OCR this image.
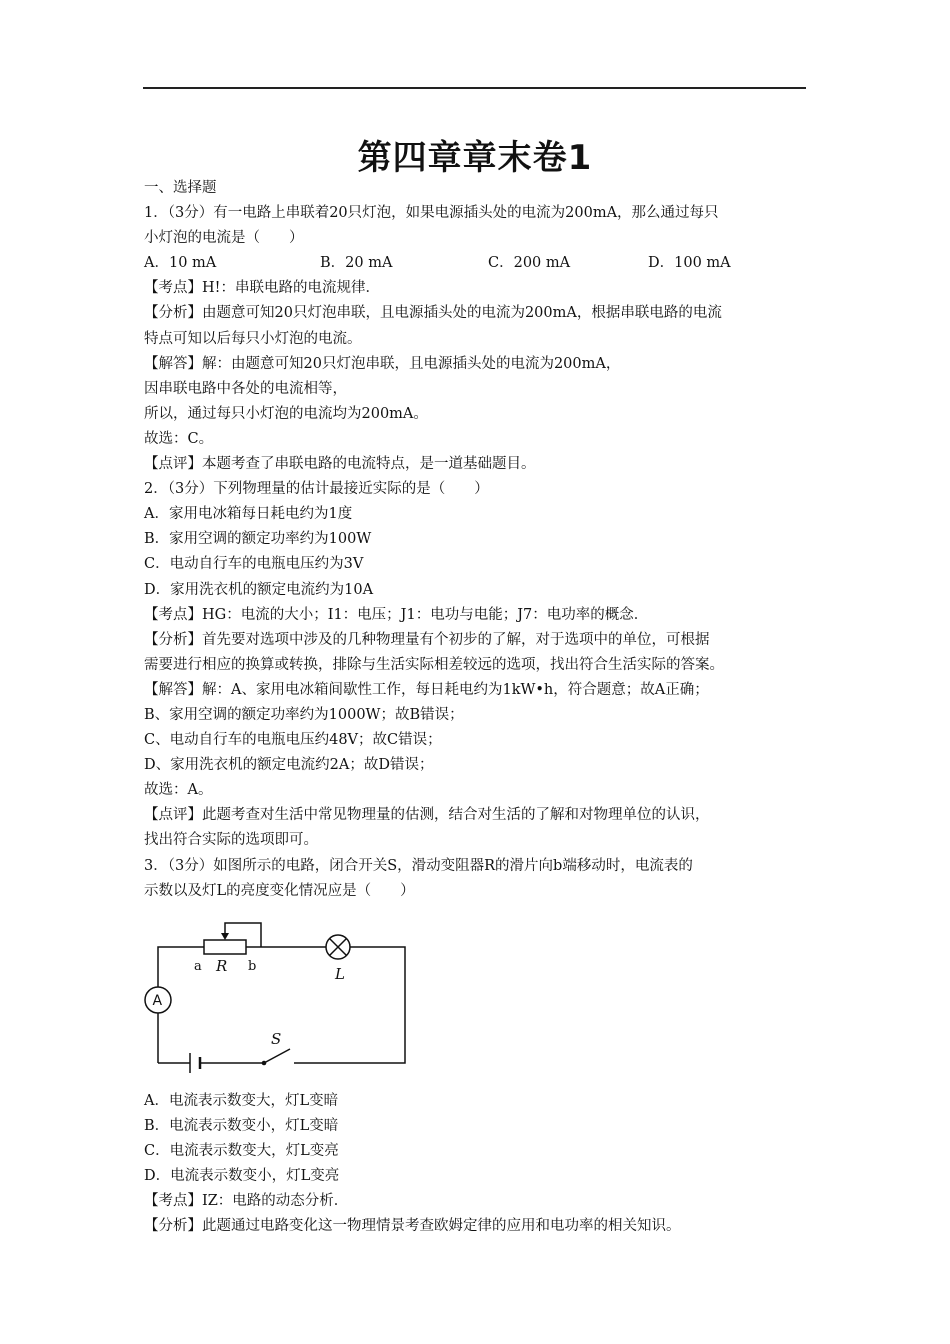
第四章章末卷1
一、选择题
1．（3分）有一电路上串联着20只灯泡，如果电源插头处的电流为200mA，那么通过每只
小灯泡的电流是（　　）
A．10 mA	B．20 mA	C．200 mA	D．100 mA
【考点】H!：串联电路的电流规律．
【分析】由题意可知20只灯泡串联，且电源插头处的电流为200mA，根据串联电路的电流
特点可知以后每只小灯泡的电流。
【解答】解：由题意可知20只灯泡串联，且电源插头处的电流为200mA，
因串联电路中各处的电流相等，
所以，通过每只小灯泡的电流均为200mA。
故选：C。
【点评】本题考查了串联电路的电流特点，是一道基础题目。
2．（3分）下列物理量的估计最接近实际的是（　　）
A．家用电冰箱每日耗电约为1度
B．家用空调的额定功率约为100W
C．电动自行车的电瓶电压约为3V
D．家用洗衣机的额定电流约为10A
【考点】HG：电流的大小；I1：电压；J1：电功与电能；J7：电功率的概念．
【分析】首先要对选项中涉及的几种物理量有个初步的了解，对于选项中的单位，可根据
需要进行相应的换算或转换，排除与生活实际相差较远的选项，找出符合生活实际的答案。
【解答】解：A、家用电冰箱间歇性工作，每日耗电约为1kW•h，符合题意；故A正确；
B、家用空调的额定功率约为1000W；故B错误；
C、电动自行车的电瓶电压约48V；故C错误；
D、家用洗衣机的额定电流约2A；故D错误；
故选：A。
【点评】此题考查对生活中常见物理量的估测，结合对生活的了解和对物理单位的认识，
找出符合实际的选项即可。
3．（3分）如图所示的电路，闭合开关S，滑动变阻器R的滑片向b端移动时，电流表的
示数以及灯L的亮度变化情况应是（　　）
a R b	L
A
S
A．电流表示数变大，灯L变暗
B．电流表示数变小，灯L变暗
C．电流表示数变大，灯L变亮
D．电流表示数变小，灯L变亮
【考点】IZ：电路的动态分析．
【分析】此题通过电路变化这一物理情景考查欧姆定律的应用和电功率的相关知识。
